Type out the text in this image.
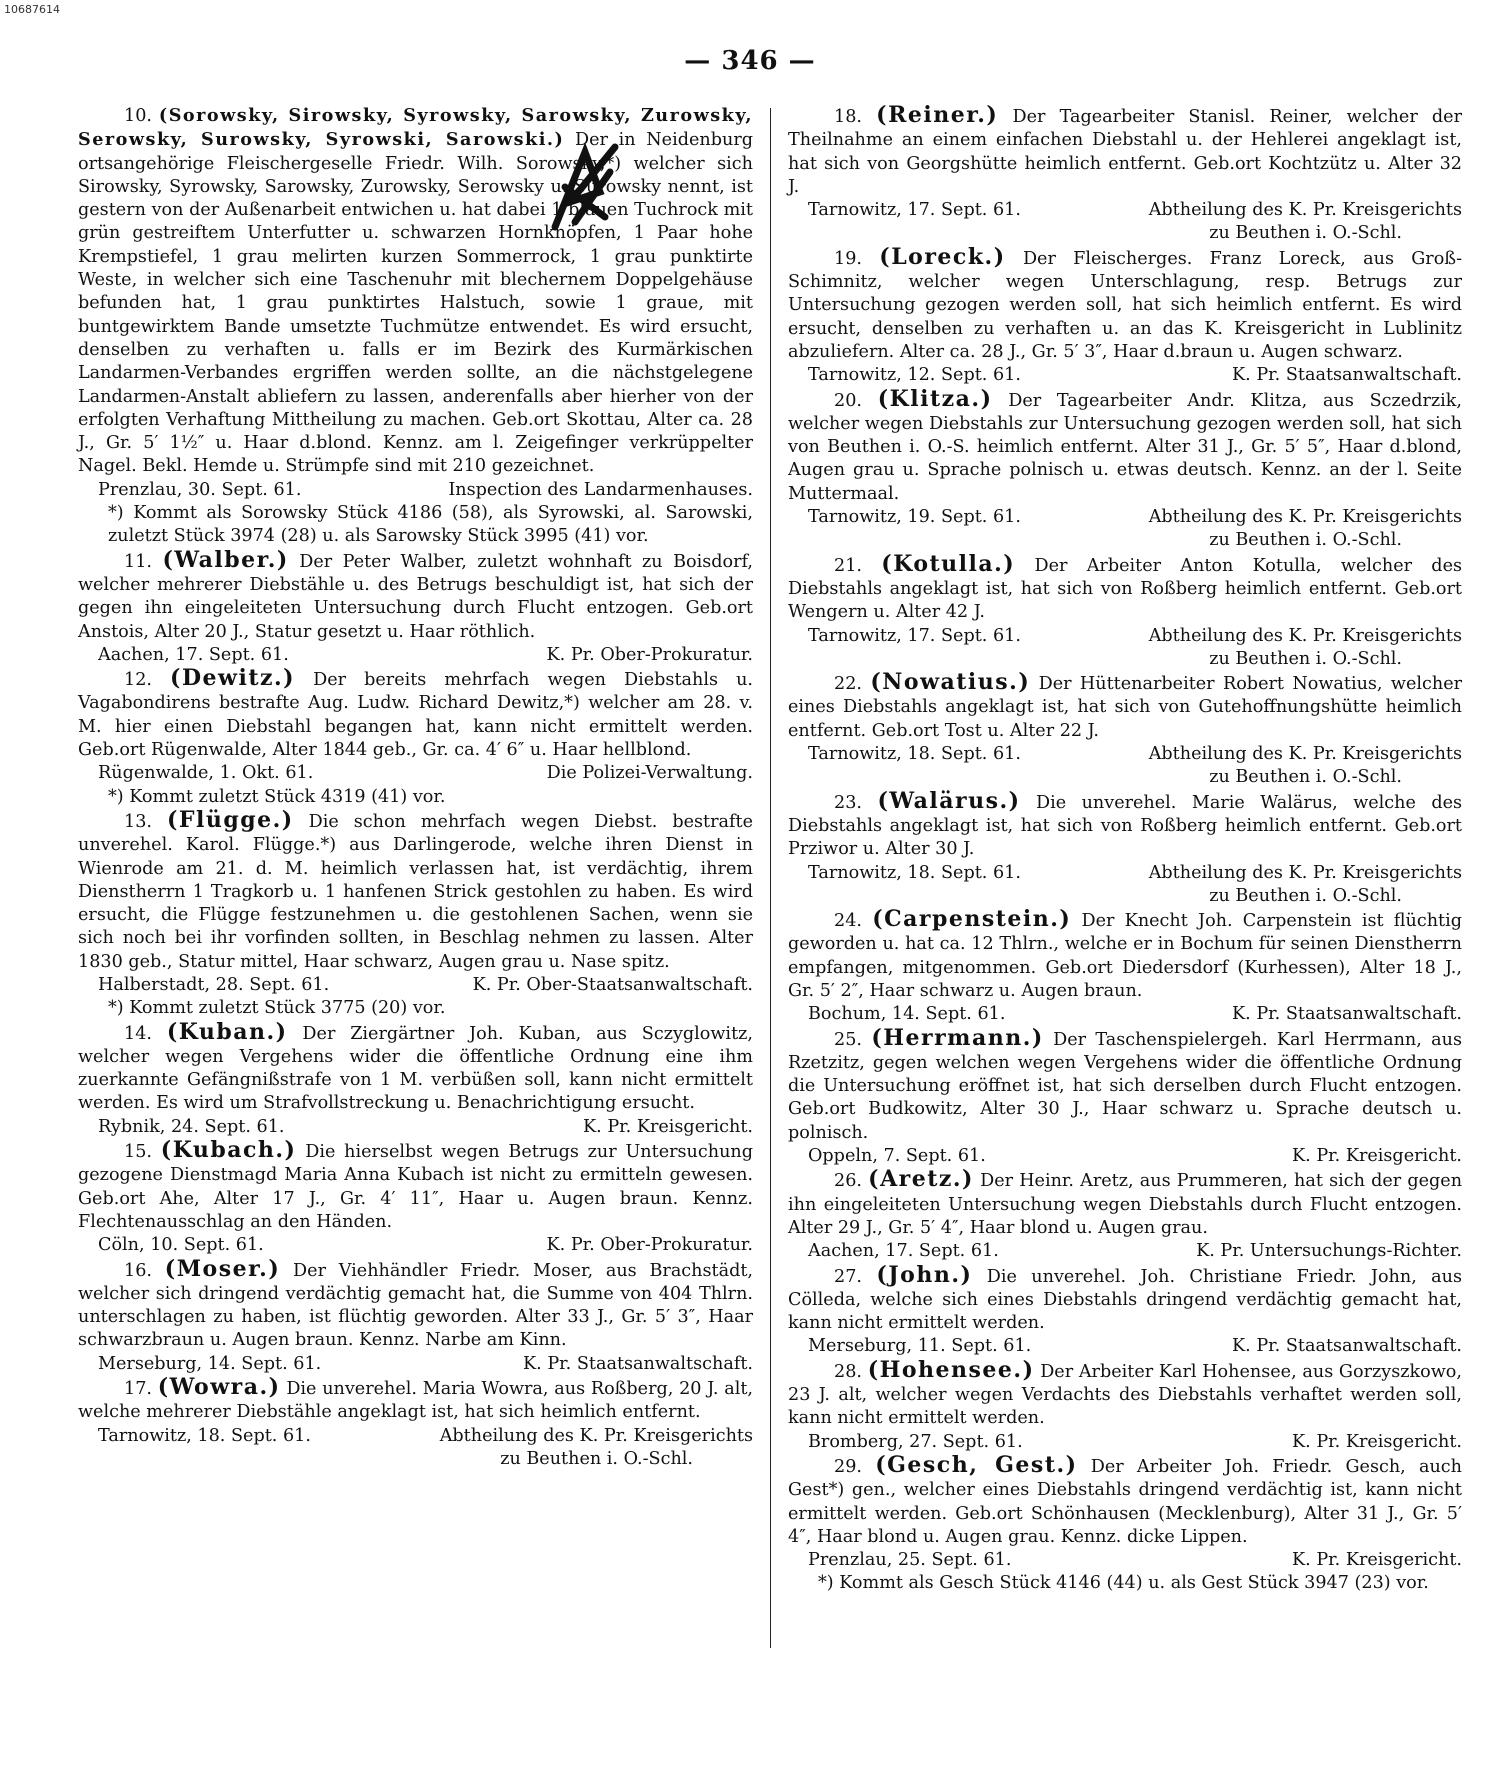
10687614
— 346 —

10. (Sorowsky, Sirowsky, Syrowsky, Sarowsky, Zurowsky, Serowsky, Surowsky, Syrowski, Sarowski.) Der in Neidenburg ortsangehörige Fleischergeselle Friedr. Wilh. Sorowsky,*) welcher sich Sirowsky, Syrowsky, Sarowsky, Zurowsky, Serowsky u. Surowsky nennt, ist gestern von der Außenarbeit entwichen u. hat dabei 1 blauen Tuchrock mit grün gestreiftem Unterfutter u. schwarzen Hornknöpfen, 1 Paar hohe Krempstiefel, 1 grau melirten kurzen Sommerrock, 1 grau punktirte Weste, in welcher sich eine Taschenuhr mit blechernem Doppelgehäuse befunden hat, 1 grau punktirtes Halstuch, sowie 1 graue, mit buntgewirktem Bande umsetzte Tuchmütze entwendet. Es wird ersucht, denselben zu verhaften u. falls er im Bezirk des Kurmärkischen Landarmen-Verbandes ergriffen werden sollte, an die nächstgelegene Landarmen-Anstalt abliefern zu lassen, anderenfalls aber hierher von der erfolgten Verhaftung Mittheilung zu machen. Geb.ort Skottau, Alter ca. 28 J., Gr. 5′ 1½″ u. Haar d.blond. Kennz. am l. Zeigefinger verkrüppelter Nagel. Bekl. Hemde u. Strümpfe sind mit 210 gezeichnet.

Prenzlau, 30. Sept. 61.	Inspection des Landarmenhauses.
*) Kommt als Sorowsky Stück 4186 (58), als Syrowski, al. Sarowski, zuletzt Stück 3974 (28) u. als Sarowsky Stück 3995 (41) vor.

11. (Walber.) Der Peter Walber, zuletzt wohnhaft zu Boisdorf, welcher mehrerer Diebstähle u. des Betrugs beschuldigt ist, hat sich der gegen ihn eingeleiteten Untersuchung durch Flucht entzogen. Geb.ort Anstois, Alter 20 J., Statur gesetzt u. Haar röthlich.

Aachen, 17. Sept. 61.	K. Pr. Ober-Prokuratur.

12. (Dewitz.) Der bereits mehrfach wegen Diebstahls u. Vagabondirens bestrafte Aug. Ludw. Richard Dewitz,*) welcher am 28. v. M. hier einen Diebstahl begangen hat, kann nicht ermittelt werden. Geb.ort Rügenwalde, Alter 1844 geb., Gr. ca. 4′ 6″ u. Haar hellblond.

Rügenwalde, 1. Okt. 61.	Die Polizei-Verwaltung.
*) Kommt zuletzt Stück 4319 (41) vor.

13. (Flügge.) Die schon mehrfach wegen Diebst. bestrafte unverehel. Karol. Flügge.*) aus Darlingerode, welche ihren Dienst in Wienrode am 21. d. M. heimlich verlassen hat, ist verdächtig, ihrem Dienstherrn 1 Tragkorb u. 1 hanfenen Strick gestohlen zu haben. Es wird ersucht, die Flügge festzunehmen u. die gestohlenen Sachen, wenn sie sich noch bei ihr vorfinden sollten, in Beschlag nehmen zu lassen. Alter 1830 geb., Statur mittel, Haar schwarz, Augen grau u. Nase spitz.

Halberstadt, 28. Sept. 61.	K. Pr. Ober-Staatsanwaltschaft.
*) Kommt zuletzt Stück 3775 (20) vor.

14. (Kuban.) Der Ziergärtner Joh. Kuban, aus Sczyglowitz, welcher wegen Vergehens wider die öffentliche Ordnung eine ihm zuerkannte Gefängnißstrafe von 1 M. verbüßen soll, kann nicht ermittelt werden. Es wird um Strafvollstreckung u. Benachrichtigung ersucht.

Rybnik, 24. Sept. 61.	K. Pr. Kreisgericht.

15. (Kubach.) Die hierselbst wegen Betrugs zur Untersuchung gezogene Dienstmagd Maria Anna Kubach ist nicht zu ermitteln gewesen. Geb.ort Ahe, Alter 17 J., Gr. 4′ 11″, Haar u. Augen braun. Kennz. Flechtenausschlag an den Händen.

Cöln, 10. Sept. 61.	K. Pr. Ober-Prokuratur.

16. (Moser.) Der Viehhändler Friedr. Moser, aus Brachstädt, welcher sich dringend verdächtig gemacht hat, die Summe von 404 Thlrn. unterschlagen zu haben, ist flüchtig geworden. Alter 33 J., Gr. 5′ 3″, Haar schwarzbraun u. Augen braun. Kennz. Narbe am Kinn.

Merseburg, 14. Sept. 61.	K. Pr. Staatsanwaltschaft.

17. (Wowra.) Die unverehel. Maria Wowra, aus Roßberg, 20 J. alt, welche mehrerer Diebstähle angeklagt ist, hat sich heimlich entfernt.

Tarnowitz, 18. Sept. 61.	Abtheilung des K. Pr. Kreisgerichts
zu Beuthen i. O.-Schl.

18. (Reiner.) Der Tagearbeiter Stanisl. Reiner, welcher der Theilnahme an einem einfachen Diebstahl u. der Hehlerei angeklagt ist, hat sich von Georgshütte heimlich entfernt. Geb.ort Kochtzütz u. Alter 32 J.

Tarnowitz, 17. Sept. 61.	Abtheilung des K. Pr. Kreisgerichts
zu Beuthen i. O.-Schl.

19. (Loreck.) Der Fleischerges. Franz Loreck, aus Groß-Schimnitz, welcher wegen Unterschlagung, resp. Betrugs zur Untersuchung gezogen werden soll, hat sich heimlich entfernt. Es wird ersucht, denselben zu verhaften u. an das K. Kreisgericht in Lublinitz abzuliefern. Alter ca. 28 J., Gr. 5′ 3″, Haar d.braun u. Augen schwarz.

Tarnowitz, 12. Sept. 61.	K. Pr. Staatsanwaltschaft.

20. (Klitza.) Der Tagearbeiter Andr. Klitza, aus Sczedrzik, welcher wegen Diebstahls zur Untersuchung gezogen werden soll, hat sich von Beuthen i. O.-S. heimlich entfernt. Alter 31 J., Gr. 5′ 5″, Haar d.blond, Augen grau u. Sprache polnisch u. etwas deutsch. Kennz. an der l. Seite Muttermaal.

Tarnowitz, 19. Sept. 61.	Abtheilung des K. Pr. Kreisgerichts
zu Beuthen i. O.-Schl.

21. (Kotulla.) Der Arbeiter Anton Kotulla, welcher des Diebstahls angeklagt ist, hat sich von Roßberg heimlich entfernt. Geb.ort Wengern u. Alter 42 J.

Tarnowitz, 17. Sept. 61.	Abtheilung des K. Pr. Kreisgerichts
zu Beuthen i. O.-Schl.

22. (Nowatius.) Der Hüttenarbeiter Robert Nowatius, welcher eines Diebstahls angeklagt ist, hat sich von Gutehoffnungshütte heimlich entfernt. Geb.ort Tost u. Alter 22 J.

Tarnowitz, 18. Sept. 61.	Abtheilung des K. Pr. Kreisgerichts
zu Beuthen i. O.-Schl.

23. (Walärus.) Die unverehel. Marie Walärus, welche des Diebstahls angeklagt ist, hat sich von Roßberg heimlich entfernt. Geb.ort Prziwor u. Alter 30 J.

Tarnowitz, 18. Sept. 61.	Abtheilung des K. Pr. Kreisgerichts
zu Beuthen i. O.-Schl.

24. (Carpenstein.) Der Knecht Joh. Carpenstein ist flüchtig geworden u. hat ca. 12 Thlrn., welche er in Bochum für seinen Dienstherrn empfangen, mitgenommen. Geb.ort Diedersdorf (Kurhessen), Alter 18 J., Gr. 5′ 2″, Haar schwarz u. Augen braun.

Bochum, 14. Sept. 61.	K. Pr. Staatsanwaltschaft.

25. (Herrmann.) Der Taschenspielergeh. Karl Herrmann, aus Rzetzitz, gegen welchen wegen Vergehens wider die öffentliche Ordnung die Untersuchung eröffnet ist, hat sich derselben durch Flucht entzogen. Geb.ort Budkowitz, Alter 30 J., Haar schwarz u. Sprache deutsch u. polnisch.

Oppeln, 7. Sept. 61.	K. Pr. Kreisgericht.

26. (Aretz.) Der Heinr. Aretz, aus Prummeren, hat sich der gegen ihn eingeleiteten Untersuchung wegen Diebstahls durch Flucht entzogen. Alter 29 J., Gr. 5′ 4″, Haar blond u. Augen grau.

Aachen, 17. Sept. 61.	K. Pr. Untersuchungs-Richter.

27. (John.) Die unverehel. Joh. Christiane Friedr. John, aus Cölleda, welche sich eines Diebstahls dringend verdächtig gemacht hat, kann nicht ermittelt werden.

Merseburg, 11. Sept. 61.	K. Pr. Staatsanwaltschaft.

28. (Hohensee.) Der Arbeiter Karl Hohensee, aus Gorzyszkowo, 23 J. alt, welcher wegen Verdachts des Diebstahls verhaftet werden soll, kann nicht ermittelt werden.

Bromberg, 27. Sept. 61.	K. Pr. Kreisgericht.

29. (Gesch, Gest.) Der Arbeiter Joh. Friedr. Gesch, auch Gest*) gen., welcher eines Diebstahls dringend verdächtig ist, kann nicht ermittelt werden. Geb.ort Schönhausen (Mecklenburg), Alter 31 J., Gr. 5′ 4″, Haar blond u. Augen grau. Kennz. dicke Lippen.

Prenzlau, 25. Sept. 61.	K. Pr. Kreisgericht.
*) Kommt als Gesch Stück 4146 (44) u. als Gest Stück 3947 (23) vor.
